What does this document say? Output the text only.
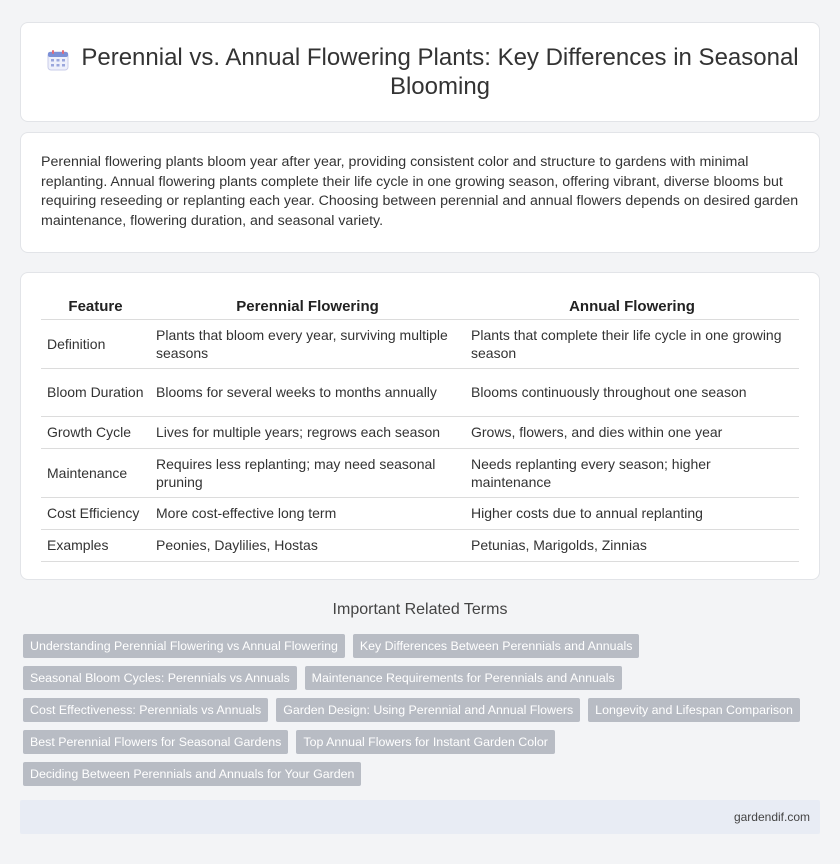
Perennial vs. Annual Flowering Plants: Key Differences in Seasonal Blooming

Perennial flowering plants bloom year after year, providing consistent color and structure to gardens with minimal replanting. Annual flowering plants complete their life cycle in one growing season, offering vibrant, diverse blooms but requiring reseeding or replanting each year. Choosing between perennial and annual flowers depends on desired garden maintenance, flowering duration, and seasonal variety.

Feature	Perennial Flowering	Annual Flowering
Definition	Plants that bloom every year, surviving multiple seasons	Plants that complete their life cycle in one growing season
Bloom Duration	Blooms for several weeks to months annually	Blooms continuously throughout one season
Growth Cycle	Lives for multiple years; regrows each season	Grows, flowers, and dies within one year
Maintenance	Requires less replanting; may need seasonal pruning	Needs replanting every season; higher maintenance
Cost Efficiency	More cost-effective long term	Higher costs due to annual replanting
Examples	Peonies, Daylilies, Hostas	Petunias, Marigolds, Zinnias
Important Related Terms
Understanding Perennial Flowering vs Annual Flowering	Key Differences Between Perennials and Annuals
Seasonal Bloom Cycles: Perennials vs Annuals	Maintenance Requirements for Perennials and Annuals
Cost Effectiveness: Perennials vs Annuals	Garden Design: Using Perennial and Annual Flowers	Longevity and Lifespan Comparison
Best Perennial Flowers for Seasonal Gardens	Top Annual Flowers for Instant Garden Color
Deciding Between Perennials and Annuals for Your Garden
gardendif.com
